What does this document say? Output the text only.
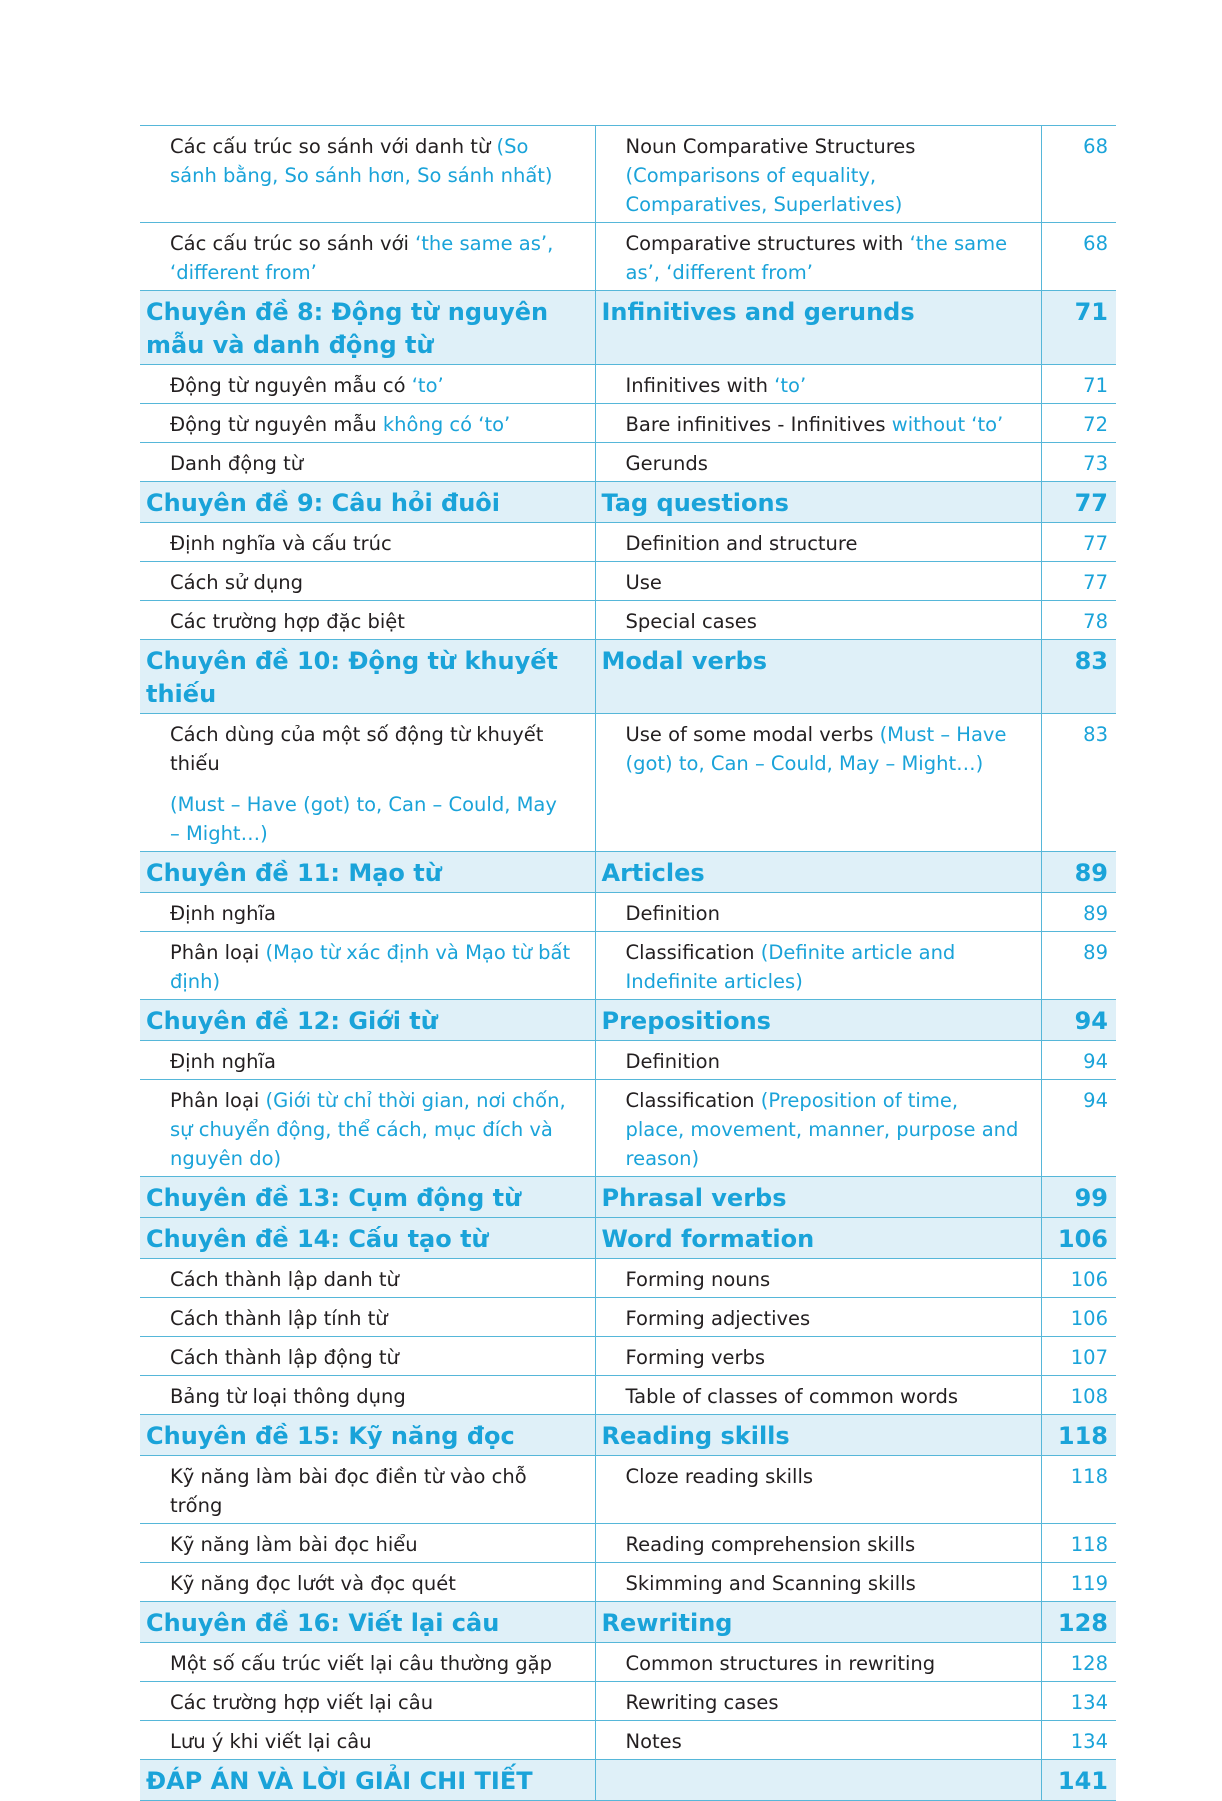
Các cấu trúc so sánh với danh từ (So sánh bằng, So sánh hơn, So sánh nhất)	Noun Comparative Structures (Comparisons of equality, Comparatives, Superlatives)	68
Các cấu trúc so sánh với ‘the same as’, ‘different from’	Comparative structures with ‘the same as’, ‘different from’	68
Chuyên đề 8: Động từ nguyên mẫu và danh động từ	Infinitives and gerunds	71
Động từ nguyên mẫu có ‘to’	Infinitives with ‘to’	71
Động từ nguyên mẫu không có ‘to’	Bare infinitives - Infinitives without ‘to’	72
Danh động từ	Gerunds	73
Chuyên đề 9: Câu hỏi đuôi	Tag questions	77
Định nghĩa và cấu trúc	Definition and structure	77
Cách sử dụng	Use	77
Các trường hợp đặc biệt	Special cases	78
Chuyên đề 10: Động từ khuyết thiếu	Modal verbs	83
Cách dùng của một số động từ khuyết thiếu
(Must – Have (got) to, Can – Could, May – Might…)	Use of some modal verbs (Must – Have (got) to, Can – Could, May – Might…)	83
Chuyên đề 11: Mạo từ	Articles	89
Định nghĩa	Definition	89
Phân loại (Mạo từ xác định và Mạo từ bất định)	Classification (Definite article and Indefinite articles)	89
Chuyên đề 12: Giới từ	Prepositions	94
Định nghĩa	Definition	94
Phân loại (Giới từ chỉ thời gian, nơi chốn, sự chuyển động, thể cách, mục đích và nguyên do)	Classification (Preposition of time, place, movement, manner, purpose and reason)	94
Chuyên đề 13: Cụm động từ	Phrasal verbs	99
Chuyên đề 14: Cấu tạo từ	Word formation	106
Cách thành lập danh từ	Forming nouns	106
Cách thành lập tính từ	Forming adjectives	106
Cách thành lập động từ	Forming verbs	107
Bảng từ loại thông dụng	Table of classes of common words	108
Chuyên đề 15: Kỹ năng đọc	Reading skills	118
Kỹ năng làm bài đọc điền từ vào chỗ trống	Cloze reading skills	118
Kỹ năng làm bài đọc hiểu	Reading comprehension skills	118
Kỹ năng đọc lướt và đọc quét	Skimming and Scanning skills	119
Chuyên đề 16: Viết lại câu	Rewriting	128
Một số cấu trúc viết lại câu thường gặp	Common structures in rewriting	128
Các trường hợp viết lại câu	Rewriting cases	134
Lưu ý khi viết lại câu	Notes	134
ĐÁP ÁN VÀ LỜI GIẢI CHI TIẾT		141
